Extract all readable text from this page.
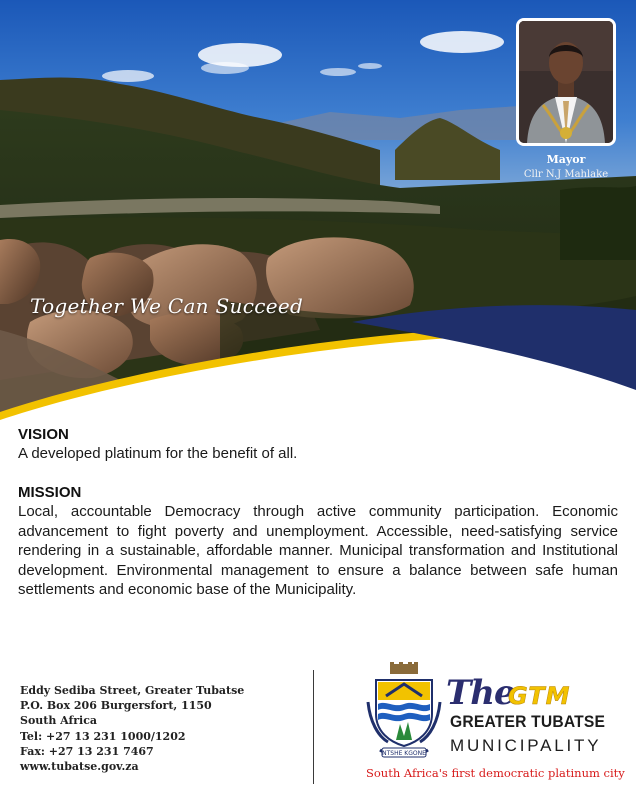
Mayor
Cllr N.J Mahlake
Together We Can Succeed

VISION

A developed platinum for the benefit of all.

MISSION

Local, accountable Democracy through active community participation. Economic advancement to fight poverty and unemployment. Accessible, need-satisfying service rendering in a sustainable, affordable manner. Municipal transformation and Institutional development. Environmental management to ensure a balance between safe human settlements and economic base of the Municipality.

Eddy Sediba Street, Greater Tubatse
P.O. Box 206 Burgersfort, 1150
South Africa
Tel: +27 13 231 1000/1202
Fax: +27 13 231 7467
www.tubatse.gov.za
NTSHE KGONE
The
GTM
GREATER TUBATSE
MUNICIPALITY
South Africa's first democratic platinum city
